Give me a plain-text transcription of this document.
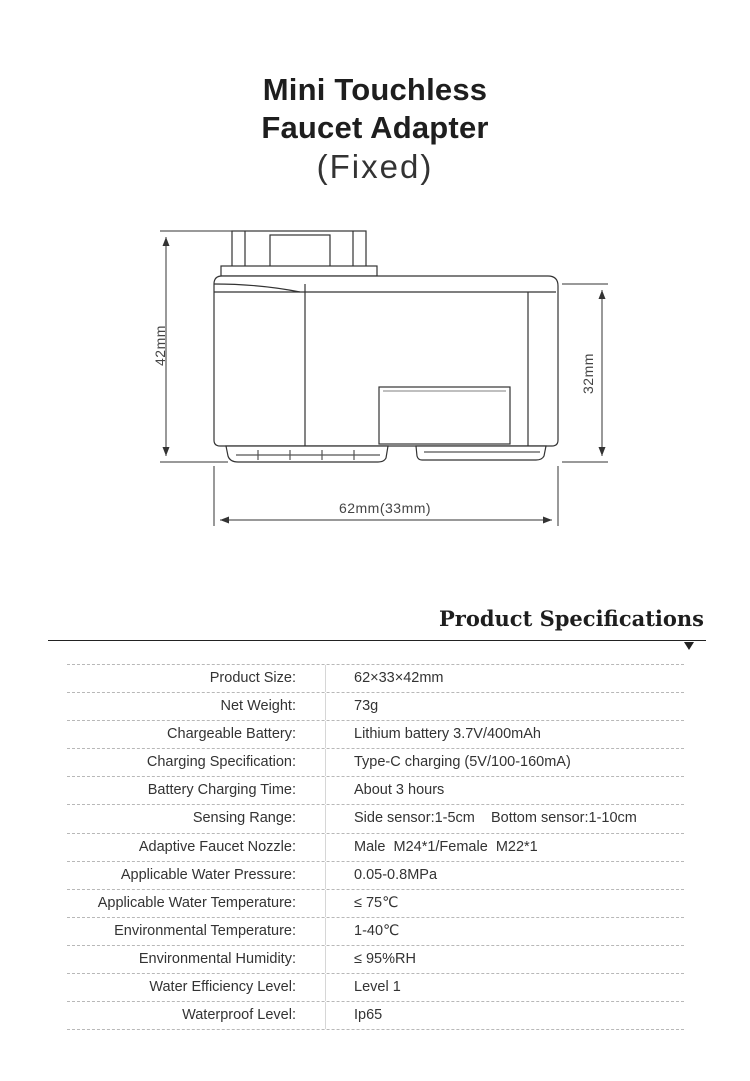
Mini Touchless
Faucet Adapter
(Fixed)
42mm
32mm
62mm(33mm)
Product Specifications
Product Size:	62×33×42mm
Net Weight:	73g
Chargeable Battery:	Lithium battery 3.7V/400mAh
Charging Specification:	Type-C charging (5V/100-160mA)
Battery Charging Time:	About 3 hours
Sensing Range:	Side sensor:1-5cm    Bottom sensor:1-10cm
Adaptive Faucet Nozzle:	Male  M24*1/Female  M22*1
Applicable Water Pressure:	0.05-0.8MPa
Applicable Water Temperature:	≤ 75℃
Environmental Temperature:	1-40℃
Environmental Humidity:	≤ 95%RH
Water Efficiency Level:	Level 1
Waterproof Level:	Ip65
